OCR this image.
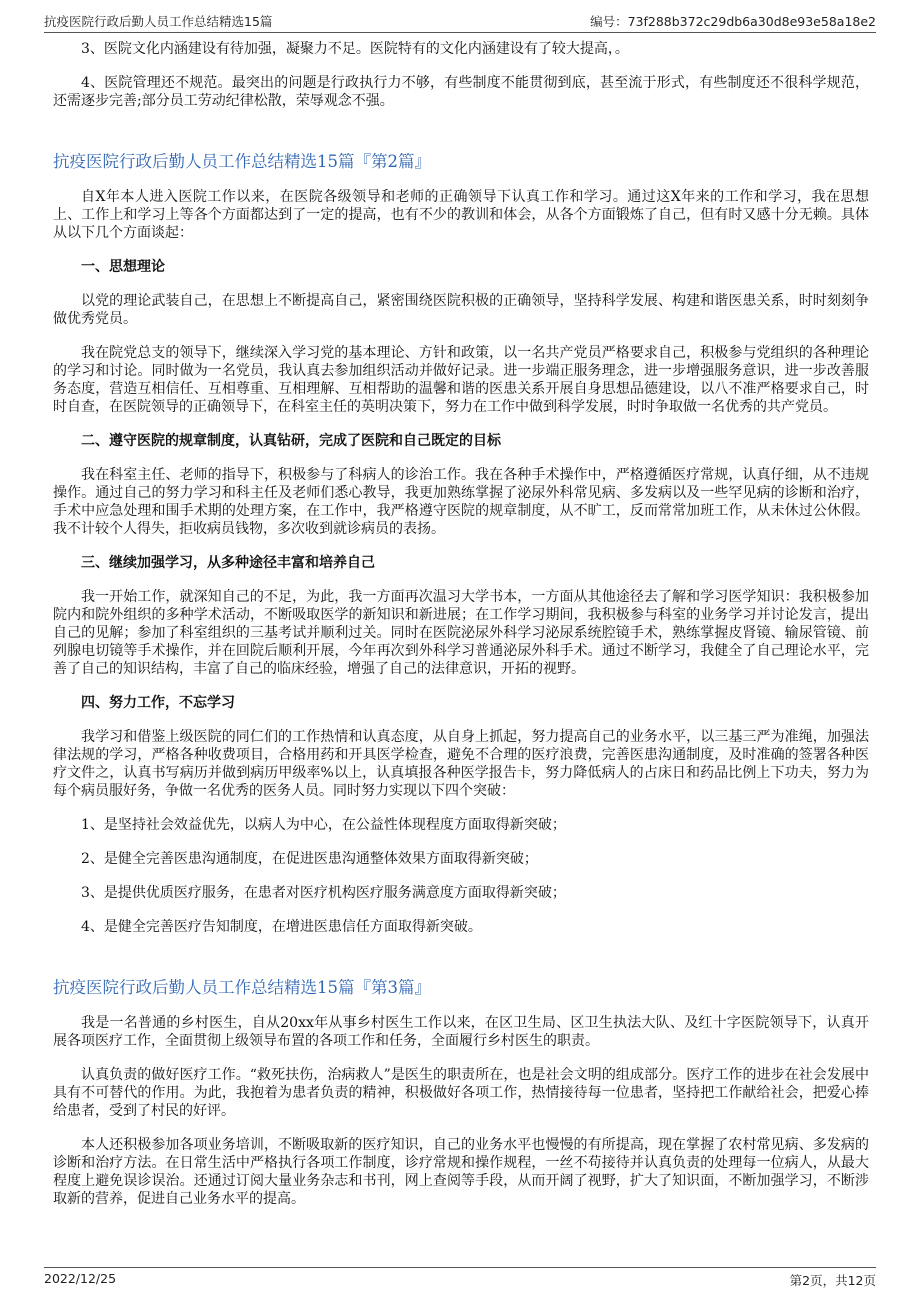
抗疫医院行政后勤人员工作总结精选15篇	编号：73f288b372c29db6a30d8e93e58a18e2

3、医院文化内涵建设有待加强，凝聚力不足。医院特有的文化内涵建设有了较大提高，。

4、医院管理还不规范。最突出的问题是行政执行力不够，有些制度不能贯彻到底，甚至流于形式，有些制度还不很科学规范，还需逐步完善;部分员工劳动纪律松散，荣辱观念不强。

抗疫医院行政后勤人员工作总结精选15篇『第2篇』

自X年本人进入医院工作以来，在医院各级领导和老师的正确领导下认真工作和学习。通过这X年来的工作和学习，我在思想上、工作上和学习上等各个方面都达到了一定的提高，也有不少的教训和体会，从各个方面锻炼了自己，但有时又感十分无赖。具体从以下几个方面谈起：

一、思想理论

以党的理论武装自己，在思想上不断提高自己，紧密围绕医院积极的正确领导，坚持科学发展、构建和谐医患关系，时时刻刻争做优秀党员。

我在院党总支的领导下，继续深入学习党的基本理论、方针和政策，以一名共产党员严格要求自己，积极参与党组织的各种理论的学习和讨论。同时做为一名党员，我认真去参加组织活动并做好记录。进一步端正服务理念，进一步增强服务意识，进一步改善服务态度，营造互相信任、互相尊重、互相理解、互相帮助的温馨和谐的医患关系开展自身思想品德建设，以八不准严格要求自己，时时自查，在医院领导的正确领导下，在科室主任的英明决策下，努力在工作中做到科学发展，时时争取做一名优秀的共产党员。

二、遵守医院的规章制度，认真钻研，完成了医院和自己既定的目标

我在科室主任、老师的指导下，积极参与了科病人的诊治工作。我在各种手术操作中，严格遵循医疗常规，认真仔细，从不违规操作。通过自己的努力学习和科主任及老师们悉心教导，我更加熟练掌握了泌尿外科常见病、多发病以及一些罕见病的诊断和治疗，手术中应急处理和围手术期的处理方案，在工作中，我严格遵守医院的规章制度，从不旷工，反而常常加班工作，从未休过公休假。我不计较个人得失，拒收病员钱物，多次收到就诊病员的表扬。

三、继续加强学习，从多种途径丰富和培养自己

我一开始工作，就深知自己的不足，为此，我一方面再次温习大学书本，一方面从其他途径去了解和学习医学知识：我积极参加院内和院外组织的多种学术活动，不断吸取医学的新知识和新进展；在工作学习期间，我积极参与科室的业务学习并讨论发言，提出自己的见解；参加了科室组织的三基考试并顺利过关。同时在医院泌尿外科学习泌尿系统腔镜手术，熟练掌握皮肾镜、输尿管镜、前列腺电切镜等手术操作，并在回院后顺利开展，今年再次到外科学习普通泌尿外科手术。通过不断学习，我健全了自己理论水平，完善了自己的知识结构，丰富了自己的临床经验，增强了自己的法律意识，开拓的视野。

四、努力工作，不忘学习

我学习和借鉴上级医院的同仁们的工作热情和认真态度，从自身上抓起，努力提高自己的业务水平，以三基三严为准绳，加强法律法规的学习，严格各种收费项目，合格用药和开具医学检查，避免不合理的医疗浪费，完善医患沟通制度，及时准确的签署各种医疗文件之，认真书写病历并做到病历甲级率%以上，认真填报各种医学报告卡，努力降低病人的占床日和药品比例上下功夫，努力为每个病员服好务，争做一名优秀的医务人员。同时努力实现以下四个突破：

1、是坚持社会效益优先，以病人为中心，在公益性体现程度方面取得新突破；

2、是健全完善医患沟通制度，在促进医患沟通整体效果方面取得新突破；

3、是提供优质医疗服务，在患者对医疗机构医疗服务满意度方面取得新突破；

4、是健全完善医疗告知制度，在增进医患信任方面取得新突破。

抗疫医院行政后勤人员工作总结精选15篇『第3篇』

我是一名普通的乡村医生，自从20xx年从事乡村医生工作以来，在区卫生局、区卫生执法大队、及红十字医院领导下，认真开展各项医疗工作，全面贯彻上级领导布置的各项工作和任务，全面履行乡村医生的职责。

认真负责的做好医疗工作。“救死扶伤，治病救人”是医生的职责所在，也是社会文明的组成部分。医疗工作的进步在社会发展中具有不可替代的作用。为此，我抱着为患者负责的精神，积极做好各项工作，热情接待每一位患者，坚持把工作献给社会，把爱心捧给患者，受到了村民的好评。

本人还积极参加各项业务培训，不断吸取新的医疗知识，自己的业务水平也慢慢的有所提高，现在掌握了农村常见病、多发病的诊断和治疗方法。在日常生活中严格执行各项工作制度，诊疗常规和操作规程，一丝不苟接待并认真负责的处理每一位病人，从最大程度上避免误诊误治。还通过订阅大量业务杂志和书刊，网上查阅等手段，从而开阔了视野，扩大了知识面，不断加强学习，不断涉取新的营养，促进自己业务水平的提高。

2022/12/25	第2页，共12页
